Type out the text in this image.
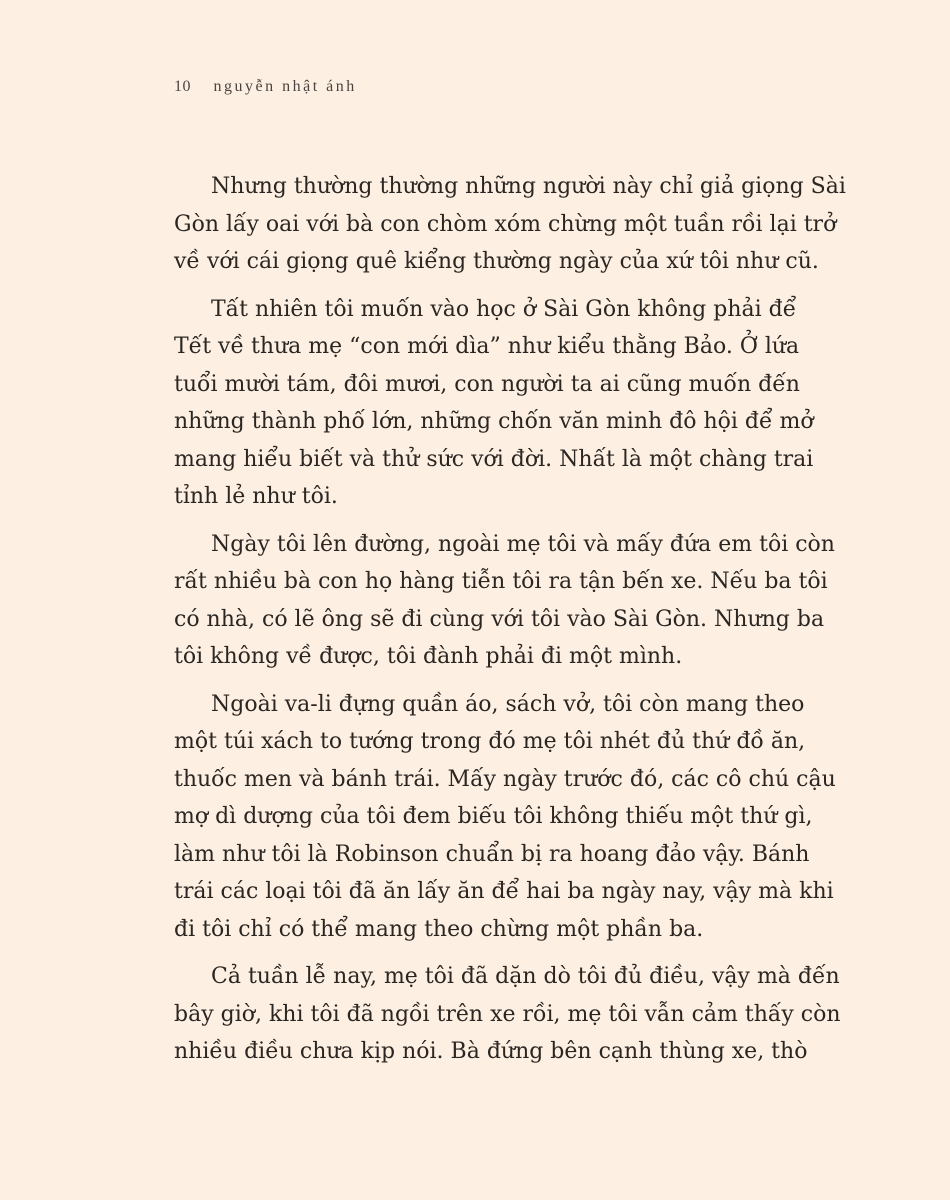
10 nguyễn nhật ánh

Nhưng thường thường những người này chỉ giả giọng Sài
Gòn lấy oai với bà con chòm xóm chừng một tuần rồi lại trở
về với cái giọng quê kiểng thường ngày của xứ tôi như cũ.

Tất nhiên tôi muốn vào học ở Sài Gòn không phải để
Tết về thưa mẹ “con mới dìa” như kiểu thằng Bảo. Ở lứa
tuổi mười tám, đôi mươi, con người ta ai cũng muốn đến
những thành phố lớn, những chốn văn minh đô hội để mở
mang hiểu biết và thử sức với đời. Nhất là một chàng trai
tỉnh lẻ như tôi.

Ngày tôi lên đường, ngoài mẹ tôi và mấy đứa em tôi còn
rất nhiều bà con họ hàng tiễn tôi ra tận bến xe. Nếu ba tôi
có nhà, có lẽ ông sẽ đi cùng với tôi vào Sài Gòn. Nhưng ba
tôi không về được, tôi đành phải đi một mình.

Ngoài va-li đựng quần áo, sách vở, tôi còn mang theo
một túi xách to tướng trong đó mẹ tôi nhét đủ thứ đồ ăn,
thuốc men và bánh trái. Mấy ngày trước đó, các cô chú cậu
mợ dì dượng của tôi đem biếu tôi không thiếu một thứ gì,
làm như tôi là Robinson chuẩn bị ra hoang đảo vậy. Bánh
trái các loại tôi đã ăn lấy ăn để hai ba ngày nay, vậy mà khi
đi tôi chỉ có thể mang theo chừng một phần ba.

Cả tuần lễ nay, mẹ tôi đã dặn dò tôi đủ điều, vậy mà đến
bây giờ, khi tôi đã ngồi trên xe rồi, mẹ tôi vẫn cảm thấy còn
nhiều điều chưa kịp nói. Bà đứng bên cạnh thùng xe, thò
